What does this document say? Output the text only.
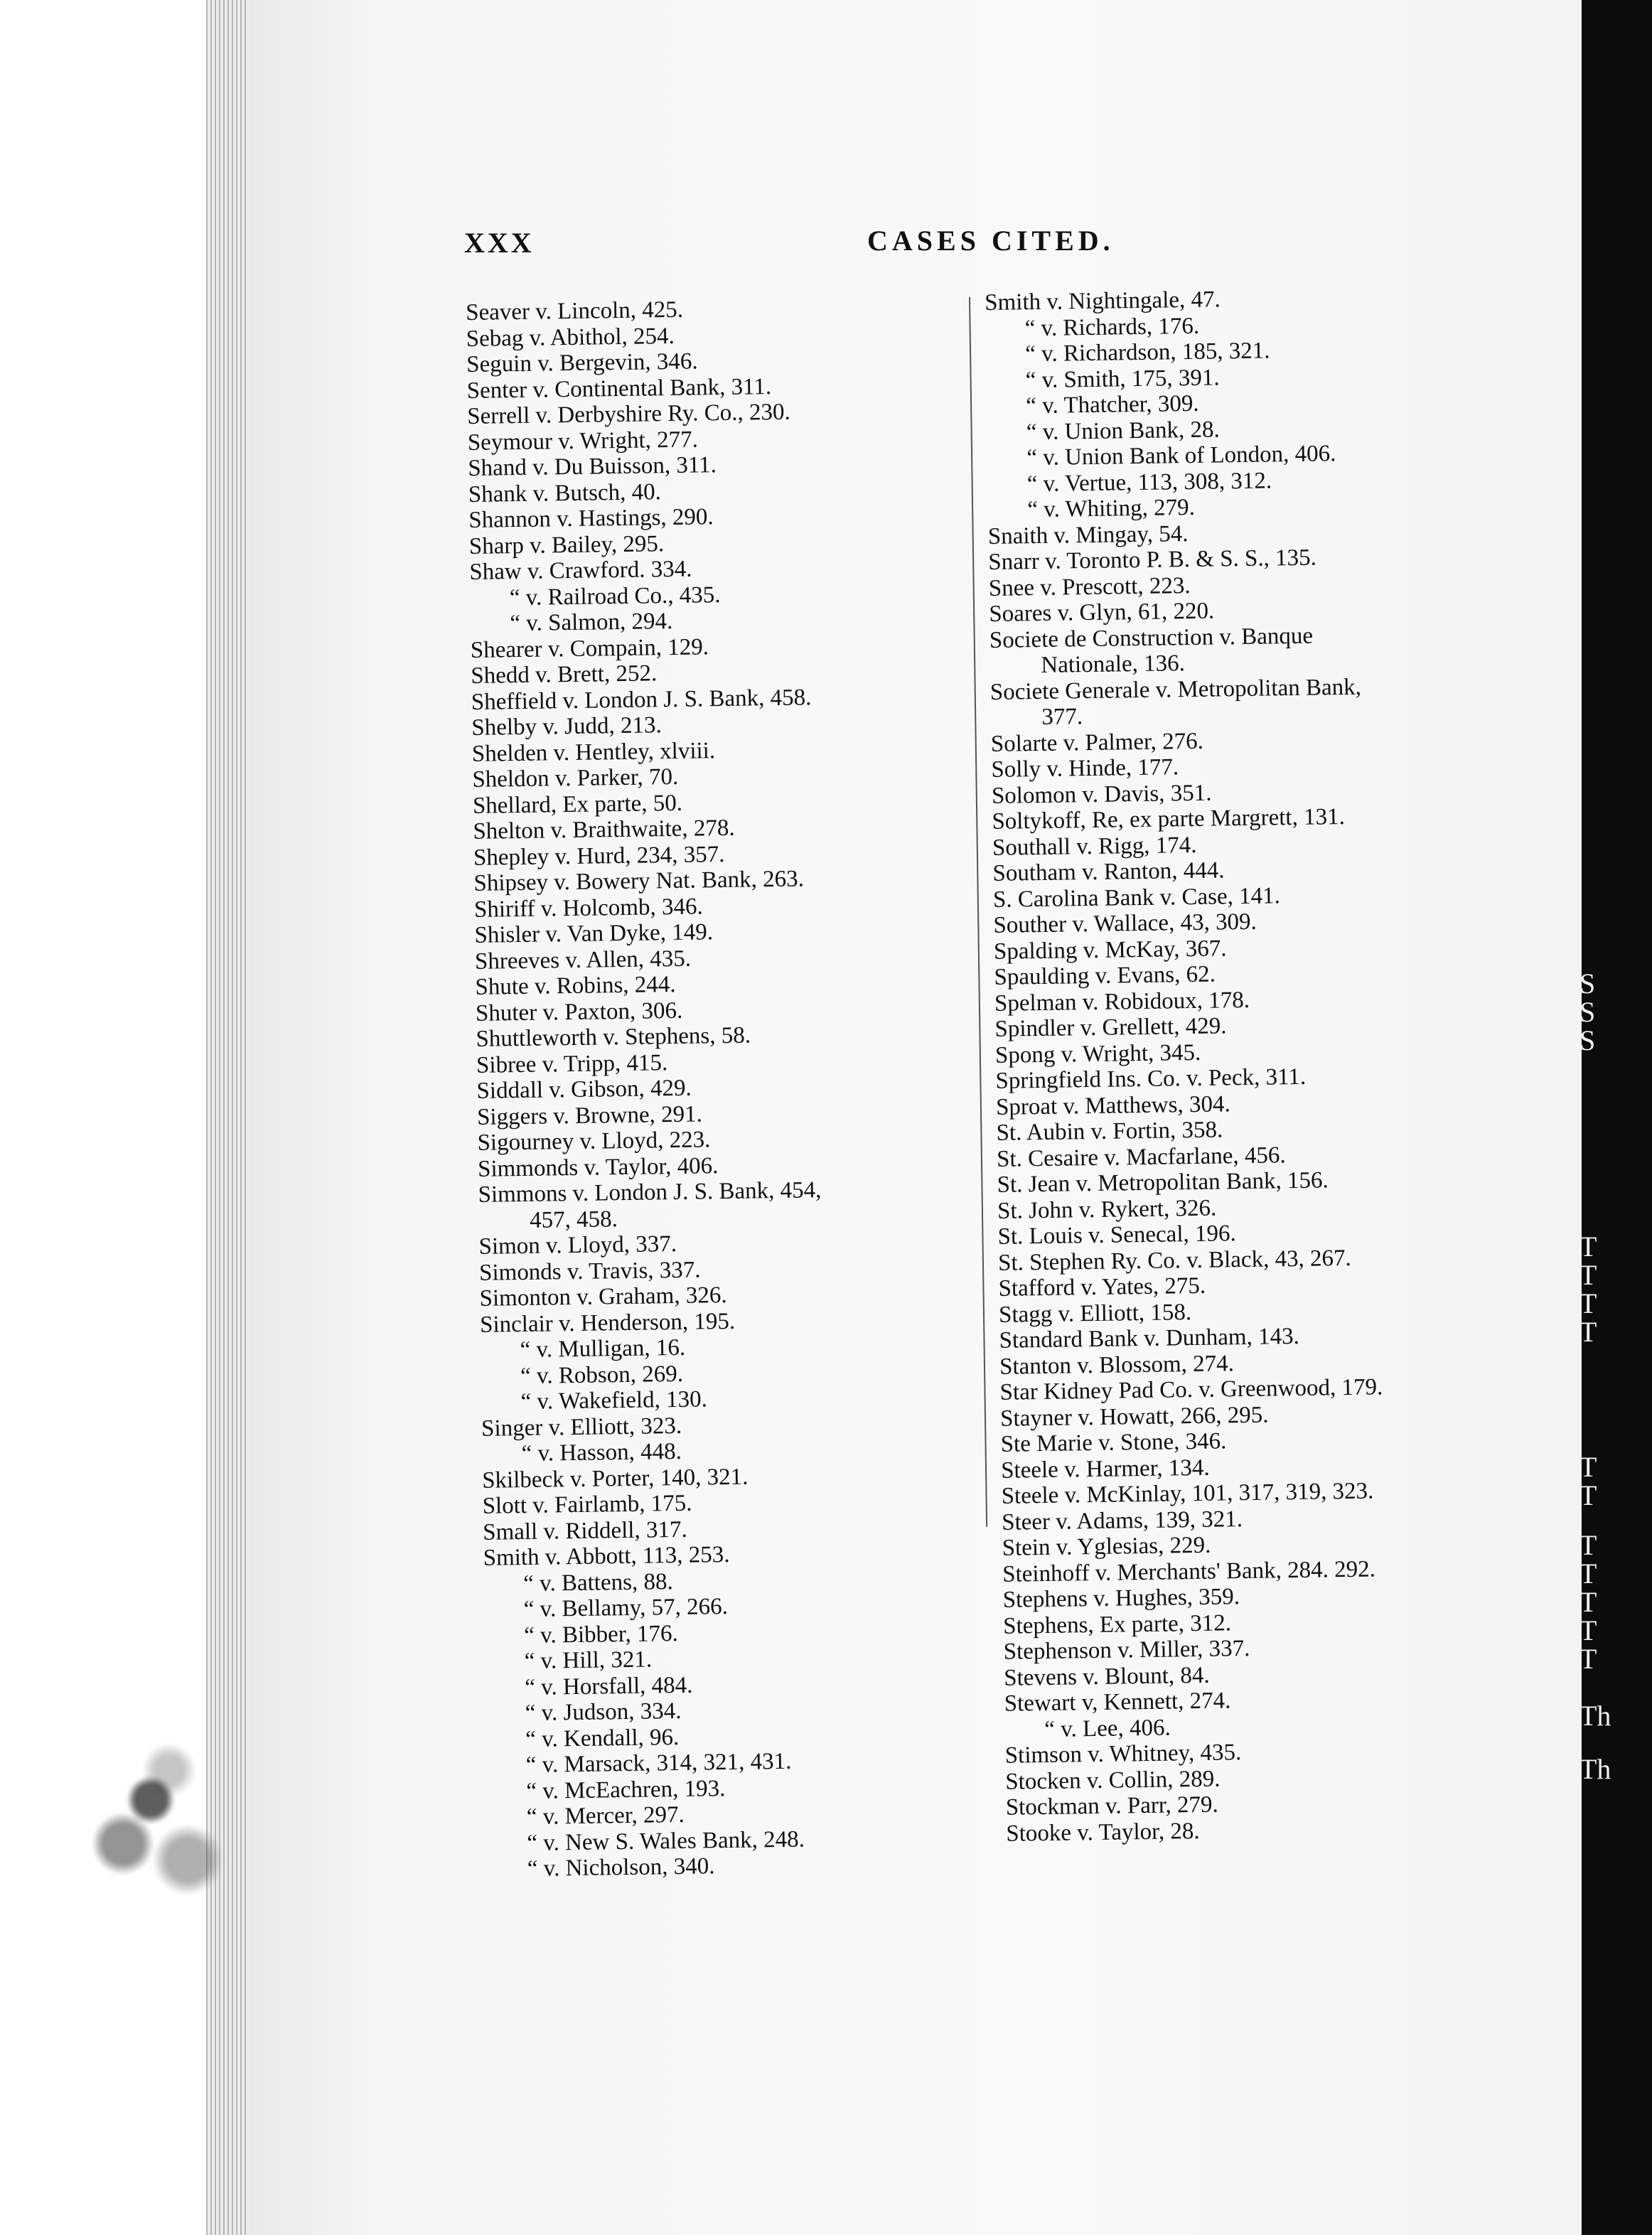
S
S
S
T
T
T
T
T
T
T
T
T
T
T
Th
Th
XXX	CASES CITED.
Seaver v. Lincoln, 425.
Sebag v. Abithol, 254.
Seguin v. Bergevin, 346.
Senter v. Continental Bank, 311.
Serrell v. Derbyshire Ry. Co., 230.
Seymour v. Wright, 277.
Shand v. Du Buisson, 311.
Shank v. Butsch, 40.
Shannon v. Hastings, 290.
Sharp v. Bailey, 295.
Shaw v. Crawford. 334.
“ v. Railroad Co., 435.
“ v. Salmon, 294.
Shearer v. Compain, 129.
Shedd v. Brett, 252.
Sheffield v. London J. S. Bank, 458.
Shelby v. Judd, 213.
Shelden v. Hentley, xlviii.
Sheldon v. Parker, 70.
Shellard, Ex parte, 50.
Shelton v. Braithwaite, 278.
Shepley v. Hurd, 234, 357.
Shipsey v. Bowery Nat. Bank, 263.
Shiriff v. Holcomb, 346.
Shisler v. Van Dyke, 149.
Shreeves v. Allen, 435.
Shute v. Robins, 244.
Shuter v. Paxton, 306.
Shuttleworth v. Stephens, 58.
Sibree v. Tripp, 415.
Siddall v. Gibson, 429.
Siggers v. Browne, 291.
Sigourney v. Lloyd, 223.
Simmonds v. Taylor, 406.
Simmons v. London J. S. Bank, 454,
457, 458.
Simon v. Lloyd, 337.
Simonds v. Travis, 337.
Simonton v. Graham, 326.
Sinclair v. Henderson, 195.
“ v. Mulligan, 16.
“ v. Robson, 269.
“ v. Wakefield, 130.
Singer v. Elliott, 323.
“ v. Hasson, 448.
Skilbeck v. Porter, 140, 321.
Slott v. Fairlamb, 175.
Small v. Riddell, 317.
Smith v. Abbott, 113, 253.
“ v. Battens, 88.
“ v. Bellamy, 57, 266.
“ v. Bibber, 176.
“ v. Hill, 321.
“ v. Horsfall, 484.
“ v. Judson, 334.
“ v. Kendall, 96.
“ v. Marsack, 314, 321, 431.
“ v. McEachren, 193.
“ v. Mercer, 297.
“ v. New S. Wales Bank, 248.
“ v. Nicholson, 340.
Smith v. Nightingale, 47.
“ v. Richards, 176.
“ v. Richardson, 185, 321.
“ v. Smith, 175, 391.
“ v. Thatcher, 309.
“ v. Union Bank, 28.
“ v. Union Bank of London, 406.
“ v. Vertue, 113, 308, 312.
“ v. Whiting, 279.
Snaith v. Mingay, 54.
Snarr v. Toronto P. B. & S. S., 135.
Snee v. Prescott, 223.
Soares v. Glyn, 61, 220.
Societe de Construction v. Banque
Nationale, 136.
Societe Generale v. Metropolitan Bank,
377.
Solarte v. Palmer, 276.
Solly v. Hinde, 177.
Solomon v. Davis, 351.
Soltykoff, Re, ex parte Margrett, 131.
Southall v. Rigg, 174.
Southam v. Ranton, 444.
S. Carolina Bank v. Case, 141.
Souther v. Wallace, 43, 309.
Spalding v. McKay, 367.
Spaulding v. Evans, 62.
Spelman v. Robidoux, 178.
Spindler v. Grellett, 429.
Spong v. Wright, 345.
Springfield Ins. Co. v. Peck, 311.
Sproat v. Matthews, 304.
St. Aubin v. Fortin, 358.
St. Cesaire v. Macfarlane, 456.
St. Jean v. Metropolitan Bank, 156.
St. John v. Rykert, 326.
St. Louis v. Senecal, 196.
St. Stephen Ry. Co. v. Black, 43, 267.
Stafford v. Yates, 275.
Stagg v. Elliott, 158.
Standard Bank v. Dunham, 143.
Stanton v. Blossom, 274.
Star Kidney Pad Co. v. Greenwood, 179.
Stayner v. Howatt, 266, 295.
Ste Marie v. Stone, 346.
Steele v. Harmer, 134.
Steele v. McKinlay, 101, 317, 319, 323.
Steer v. Adams, 139, 321.
Stein v. Yglesias, 229.
Steinhoff v. Merchants' Bank, 284. 292.
Stephens v. Hughes, 359.
Stephens, Ex parte, 312.
Stephenson v. Miller, 337.
Stevens v. Blount, 84.
Stewart v, Kennett, 274.
“ v. Lee, 406.
Stimson v. Whitney, 435.
Stocken v. Collin, 289.
Stockman v. Parr, 279.
Stooke v. Taylor, 28.
